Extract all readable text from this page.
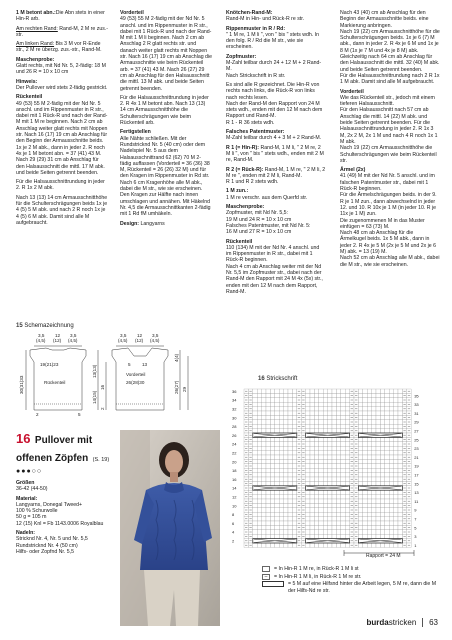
1 M betont abn.:Die Abn stets in einer Hin-R arb.

Am rechten Rand: Rand-M, 2 M re zus.-str.

Am linken Rand: Bis 3 M vor R-Ende str., 2 M re überzg. zus.-str., Rand-M.

Maschenprobe:
Glatt rechts, mit Nd Nr. 5, 2-fädig: 18 M und 26 R = 10 x 10 cm

Hinweis:
Der Pullover wird stets 2-fädig gestrickt.

Rückenteil
49 (53) 55 M 2-fädig mit der Nd Nr. 5 anschl. und im Rippenmuster in R str., dabei mit 1 Rück-R und nach der Rand-M mit 1 M re beginnen. Nach 2 cm ab Anschlag weiter glatt rechts mit Noppen str. Nach 16 (17) 19 cm ab Anschlag für den Beginn der Armausschnitte beids. 1x je 2 M abk., dann in jeder 2. R noch 4x je 1 M betont abn. = 37 (41) 43 M. Nach 29 (29) 31 cm ab Anschlag für den Halsausschnitt die mittl. 17 M abk. und beide Seiten getrennt beenden.

Für die Halsausschnittrundung in jeder 2. R 1x 2 M abk.

Nach 13 (13) 14 cm Armausschnitthöhe für die Schulterschrägungen beids 1x je 4 (5) 5 M abk. und nach 2 R noch 1x je 4 (5) 6 M abk. Damit sind alle M aufgebraucht.

Vorderteil
49 (53) 55 M 2-fädig mit der Nd Nr. 5 anschl. und im Rippenmuster in R str., dabei mit 1 Rück-R und nach der Rand-M mit 1 M li beginnen. Nach 2 cm ab Anschlag 2 R glatt rechts str. und danach weiter glatt rechts mit Noppen str. Nach 16 (17) 19 cm ab Anschlag die Armausschnitte wie beim Rückenteil arb. = 37 (41) 43 M. Nach 26 (27) 29 cm ab Anschlag für den Halsausschnitt die mittl. 13 M abk. und beide Seiten getrennt beenden.

Für die Halsausschnittrundung in jeder 2. R 4x 1 M betont abn. Nach 13 (13) 14 cm Armausschnitthöhe die Schulterschrägungen wie beim Rückenteil arb.

Fertigstellen
Alle Nähte schließen. Mit der Rundstricknd Nr. 5 (40 cm) oder dem Nadelspiel Nr. 5 aus dem Halsausschnittrand 62 (62) 70 M 2-fädig auffassen (Vorderteil = 36 (36) 38 M, Rückenteil = 26 (26) 32 M) und für den Kragen im Rippenmuster in Rd str. Nach 6 cm Kragenhöhe alle M abk., dabei die M str., wie sie erscheinen. Den Kragen zur Hälfte nach innen umschlagen und annähen. Mit Häkelnd Nr. 4,5 die Armausschnittkanten 2-fädig mit 1 Rd fM umhäkeln.

Design: Langyarns

Knötchen-Rand-M:
Rand-M in Hin- und Rück-R re str.

Rippenmuster in R / Rd:
" 1 M re, 1 M li ", von " bis " stets wdh. In den folg. R / Rd die M str., wie sie erscheinen.

Zopfmuster:
M-Zahl teilbar durch 24 + 12 M + 2 Rand-M.
Nach Strickschrift in R str.

Es sind alle R gezeichnet. Die Hin-R von rechts nach links, die Rück-R von links nach rechts lesen.
Nach der Rand-M den Rapport von 24 M stets wdh., enden mit den 12 M nach dem Rapport und Rand-M.
R 1 - R 36 stets wdh.

Falsches Patentmuster:
M-Zahl teilbar durch 4 + 3 M + 2 Rand-M.

R 1 (= Hin-R): Rand-M, 1 M li, " 2 M re, 2 M li ", von " bis " stets wdh., enden mit 2 M re, Rand-M.

R 2 (= Rück-R): Rand-M, 1 M re, " 2 M li, 2 M re ", enden mit 2 M li, Rand-M.
R 1 und R 2 stets wdh.

1 M zun.:
1 M re verschr. aus dem Querfd str.

Maschenprobe:
Zopfmuster, mit Nd Nr. 5,5:
19 M und 24 R = 10 x 10 cm
Falsches Patentmuster, mit Nd Nr. 5:
16 M und 27 R = 10 x 10 cm

Rückenteil
110 (134) M mit der Nd Nr. 4 anschl. und im Rippenmuster in R str., dabei mit 1 Rück-R beginnen.
Nach 4 cm ab Anschlag weiter mit der Nd Nr. 5,5 im Zopfmuster str., dabei nach der Rand-M den Rapport mit 24 M 4x (5x) str., enden mit den 12 M nach dem Rapport, Rand-M.

Nach 43 (40) cm ab Anschlag für den Beginn der Armausschnitte beids. eine Markierung anbringen.
Nach 19 (22) cm Armausschnitthöhe für die Schulterschrägungen beids. 1x je 6 (7) M abk., dann in jeder 2. R 4x je 6 M und 1x je 8 M (1x je 7 M und 4x je 8 M) abk.
Gleichzeitig nach 64 cm ab Anschlag für den Halsausschnitt die mittl. 32 (40) M abk. und beide Seiten getrennt beenden.
Für die Halsausschnittrundung nach 2 R 1x 1 M abk. Damit sind alle M aufgebraucht.

Vorderteil
Wie das Rückenteil str., jedoch mit einem tieferen Halsausschnitt.
Für den Halsausschnitt nach 57 cm ab Anschlag die mittl. 14 (22) M abk. und beide Seiten getrennt beenden. Für die Halsausschnittrundung in jeder 2. R 1x 3 M, 2x 2 M, 2x 1 M und nach 4 R noch 1x 1 M abk.
Nach 19 (22) cm Armausschnitthöhe die Schulterschrägungen wie beim Rückenteil str.

Ärmel (2x)
41 (49) M mit der Nd Nr. 5 anschl. und im falschen Patentmuster str., dabei mit 1 Rück-R beginnen.
Für die Ärmelschrägungen beids. in der 9. R je 1 M zun., dann abwechselnd in jeder 12. und 10. R 10x je 1 M (in jeder 10. R je 11x je 1 M) zun.
Die zugenommenen M in das Muster einfügen = 63 (73) M.
Nach 48 cm ab Anschlag für die Ärmelkugel beids. 1x 5 M abk., dann in jeder 2. R 4x je 5 M (2x je 5 M und 2x je 6 M) abk. = 13 (19) M.
Nach 52 cm ab Anschlag alle M abk., dabei die M str., wie sie erscheinen.

15 Schemazeichnung
3,5 12 3,5
(4,5) (12) (4,5)
3,5 12 3,5
(4,5) (12) (4,5)
19(21)23
Rückenteil
Vorderteil
26(28)30
5 13
30(31)33
13(13)
14(15)
16
2
4(4)
26(27) 29
2	5
16 Pullover mit offenen Zöpfen (S. 19)
●●●○○

Größen
36-42 (44-50)

Material:
Langyarns, Donegal Tweed+
100 % Schurwolle
50 g = 105 m
12 (15) Knl = Fb 1143.0006 Royalblau

Nadeln:
Stricknd Nr. 4, Nr. 5 und Nr. 5,5
Rundstricknd Nr. 4 (50 cm)
Hilfs- oder Zopfnd Nr. 5,5

16 Strickschrift
36
34
32
30
28
26
24
22
20
18
16
14
12
10
8
6
4
2
35
33
31
29
27
25
23
21
19
17
15
13
11
9
7
5
3
1
Rapport = 24 M
= In Hin-R 1 M re, in Rück-R 1 M li st
–	= In Hin-R 1 M li, in Rück-R 1 M re str.
= 5 M auf eine Hilfsnd hinter die Arbeit legen, 5 M re, dann die M der Hilfs-Nd re str.
burdastricken 63
